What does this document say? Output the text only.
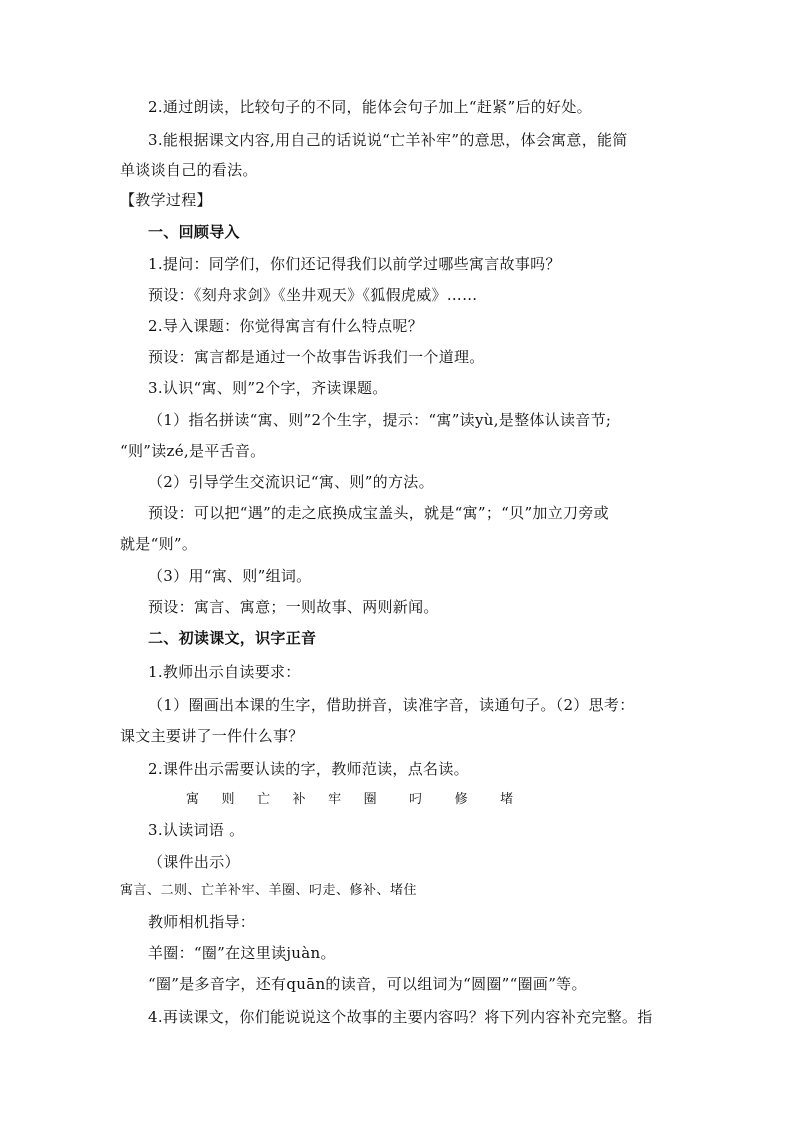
2.通过朗读，比较句子的不同，能体会句子加上“赶紧”后的好处。
3.能根据课文内容,用自己的话说说“亡羊补牢”的意思，体会寓意，能简
单谈谈自己的看法。
【教学过程】
一、回顾导入
1.提问：同学们，你们还记得我们以前学过哪些寓言故事吗？
预设：《刻舟求剑》《坐井观天》《狐假虎威》……
2.导入课题：你觉得寓言有什么特点呢？
预设：寓言都是通过一个故事告诉我们一个道理。
3.认识“寓、则”2个字，齐读课题。
（1）指名拼读“寓、则”2个生字，提示：“寓”读yù,是整体认读音节;
“则”读zé,是平舌音。
（2）引导学生交流识记“寓、则”的方法。
预设：可以把“遇”的走之底换成宝盖头，就是“寓”；“贝”加立刀旁或
就是“则”。
（3）用“寓、则”组词。
预设：寓言、寓意；一则故事、两则新闻。
二、初读课文，识字正音
1.教师出示自读要求：
（1）圈画出本课的生字，借助拼音，读准字音，读通句子。（2）思考：
课文主要讲了一件什么事？
2.课件出示需要认读的字，教师范读，点名读。
寓 则 亡 补 牢 圈 叼 修 堵
3.认读词语 。
（课件出示）
寓言、二则、亡羊补牢、羊圈、叼走、修补、堵住
教师相机指导：
羊圈：“圈”在这里读juàn。
“圈”是多音字，还有quān的读音，可以组词为“圆圈”“圈画”等。
4.再读课文，你们能说说这个故事的主要内容吗？将下列内容补充完整。指
